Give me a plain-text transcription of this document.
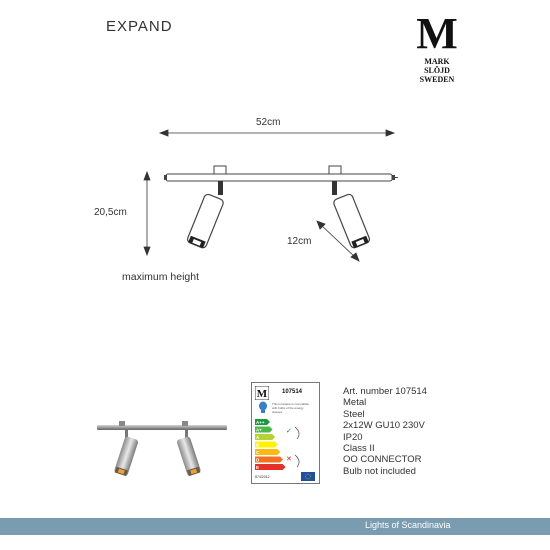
EXPAND	M
MARK
SLÖJD
SWEDEN
52cm
20,5cm
12cm
maximum height
M 107514
This luminaire is compatible with bulbs of the energy classes:
A++
A+
A
B
C
D
E
✓
✕
874/2012
Art. number 107514
Metal
Steel
2x12W GU10 230V
IP20
Class II
OO CONNECTOR
Bulb not included
Lights of Scandinavia
